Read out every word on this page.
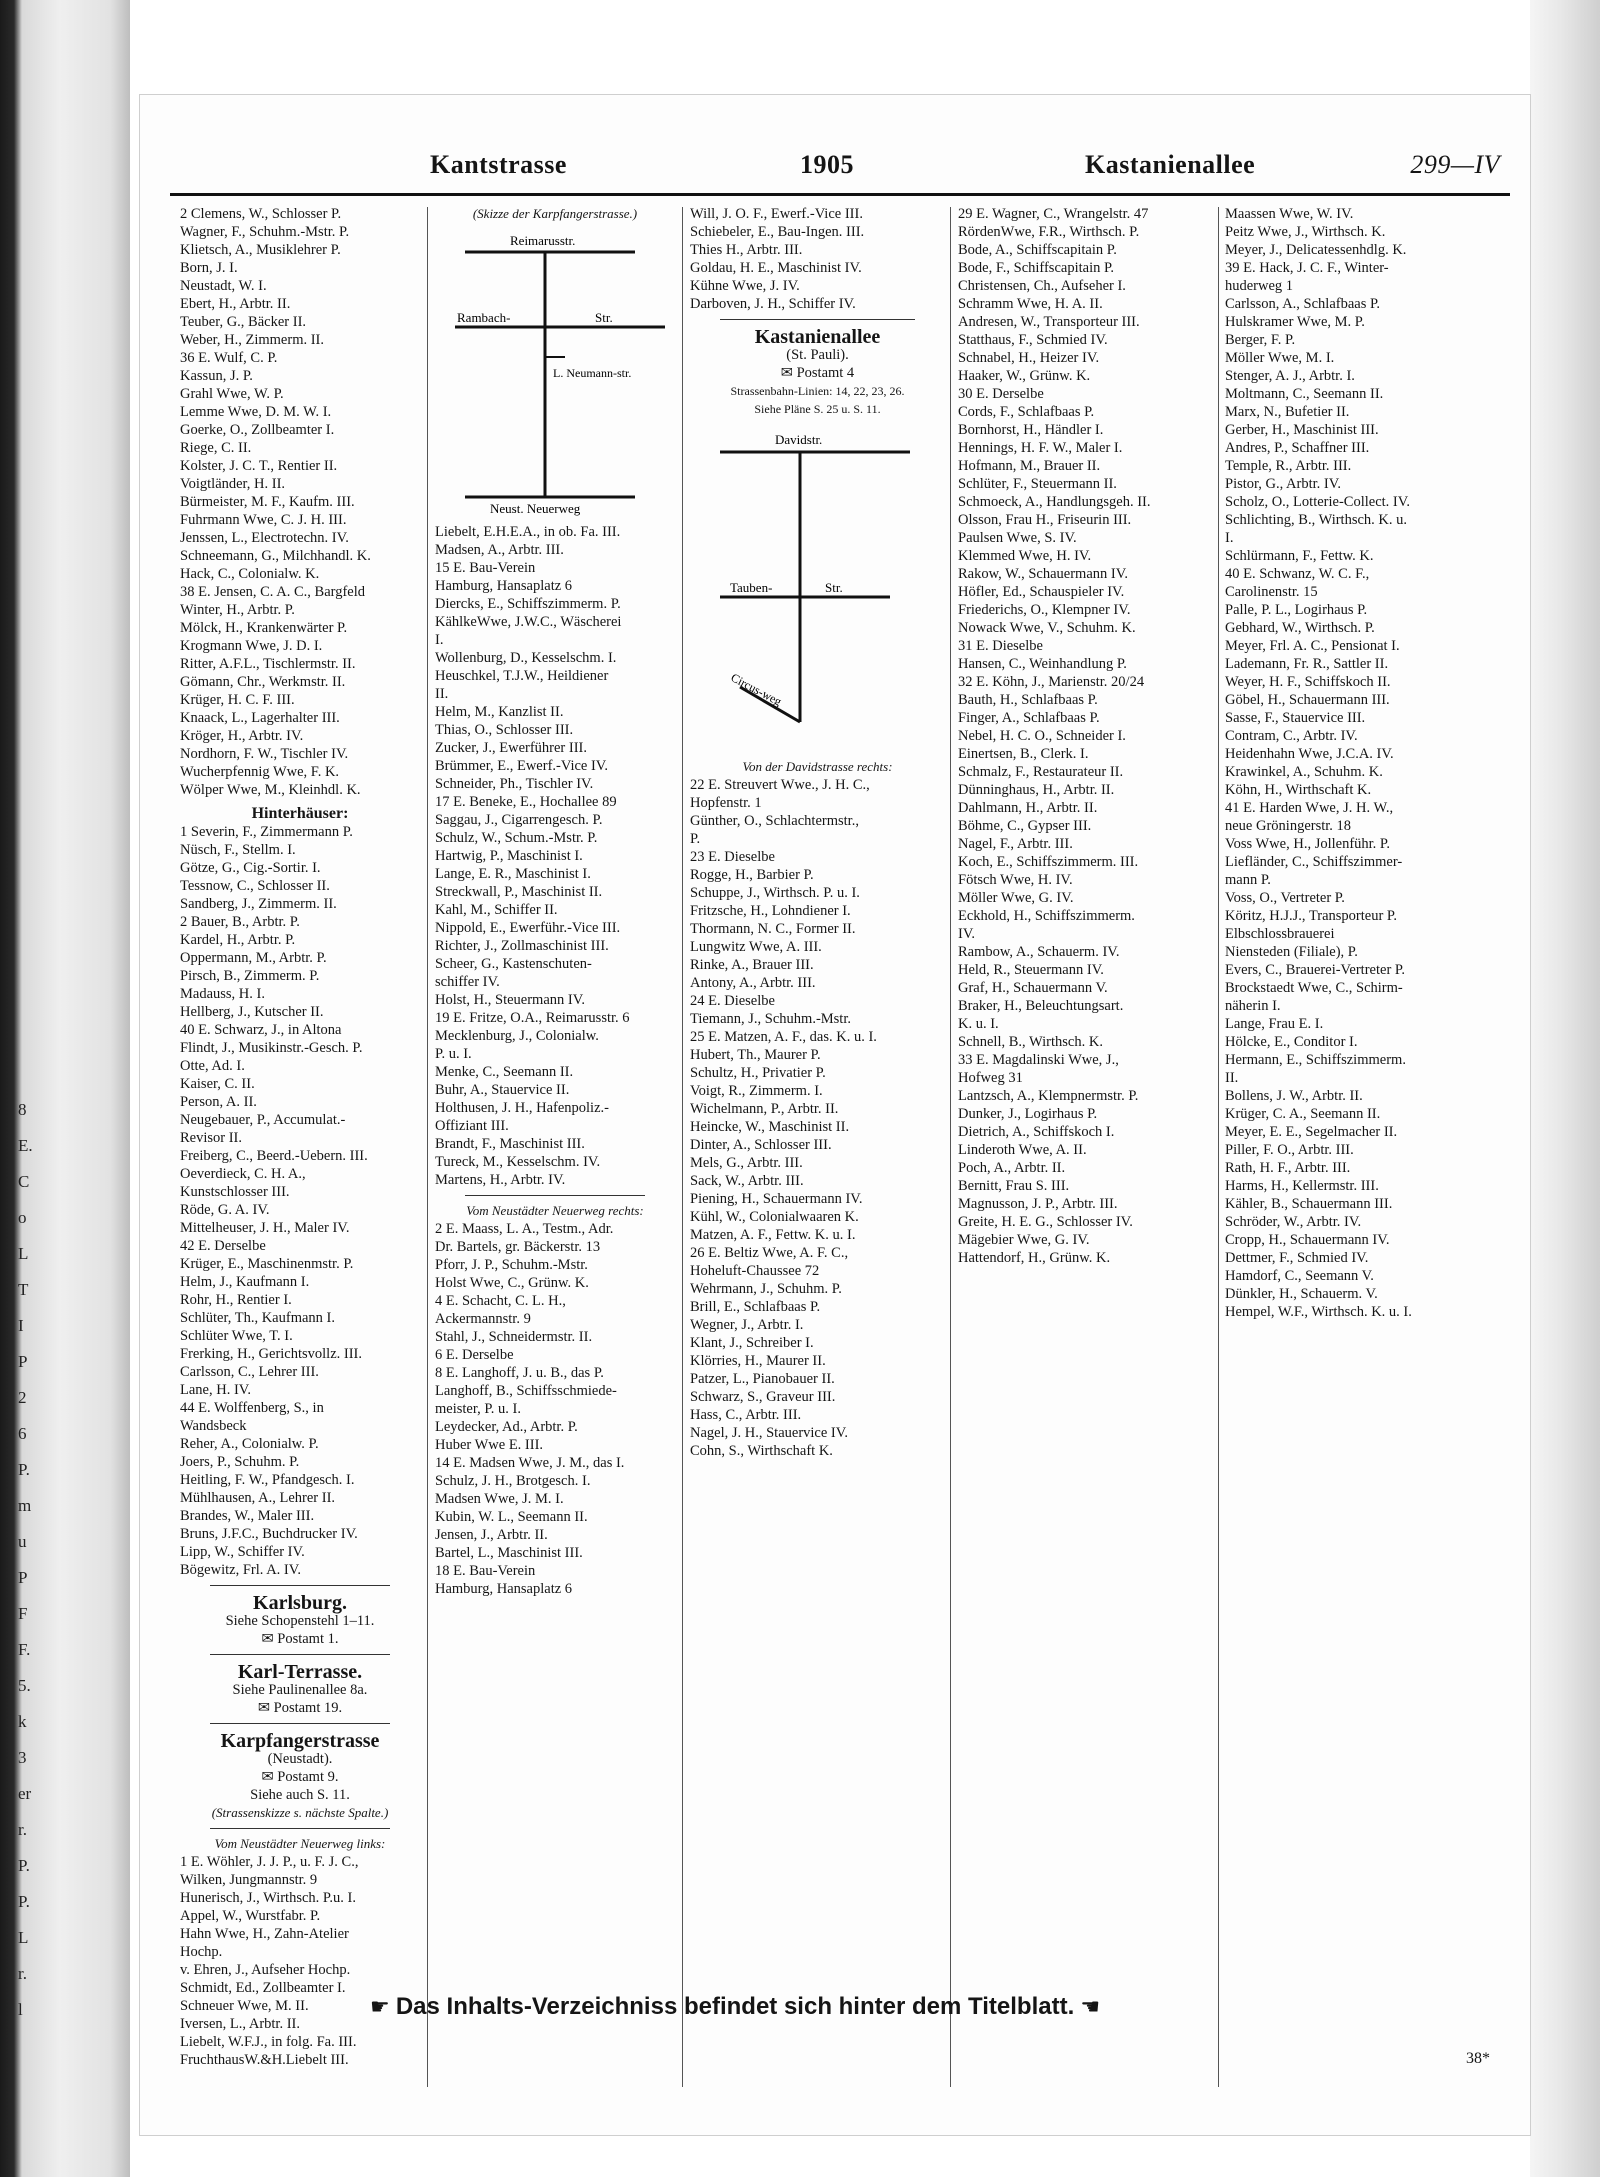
8
E.
C
o
L
T
I
P
2
6
P.
m
u
P
F
F.
5.
k
3
er
r.
P.
P.
L
r.
l
Kantstrasse	1905	Kastanienallee	299—IV
2 Clemens, W., Schlosser P.
Wagner, F., Schuhm.-Mstr. P.
Klietsch, A., Musiklehrer P.
Born, J. I.
Neustadt, W. I.
Ebert, H., Arbtr. II.
Teuber, G., Bäcker II.
Weber, H., Zimmerm. II.
36 E. Wulf, C. P.
Kassun, J. P.
Grahl Wwe, W. P.
Lemme Wwe, D. M. W. I.
Goerke, O., Zollbeamter I.
Riege, C. II.
Kolster, J. C. T., Rentier II.
Voigtländer, H. II.
Bürmeister, M. F., Kaufm. III.
Fuhrmann Wwe, C. J. H. III.
Jenssen, L., Electrotechn. IV.
Schneemann, G., Milchhandl. K.
Hack, C., Colonialw. K.
38 E. Jensen, C. A. C., Bargfeld
Winter, H., Arbtr. P.
Mölck, H., Krankenwärter P.
Krogmann Wwe, J. D. I.
Ritter, A.F.L., Tischlermstr. II.
Gömann, Chr., Werkmstr. II.
Krüger, H. C. F. III.
Knaack, L., Lagerhalter III.
Kröger, H., Arbtr. IV.
Nordhorn, F. W., Tischler IV.
Wucherpfennig Wwe, F. K.
Wölper Wwe, M., Kleinhdl. K.
Hinterhäuser:
1 Severin, F., Zimmermann P.
Nüsch, F., Stellm. I.
Götze, G., Cig.-Sortir. I.
Tessnow, C., Schlosser II.
Sandberg, J., Zimmerm. II.
2 Bauer, B., Arbtr. P.
Kardel, H., Arbtr. P.
Oppermann, M., Arbtr. P.
Pirsch, B., Zimmerm. P.
Madauss, H. I.
Hellberg, J., Kutscher II.
40 E. Schwarz, J., in Altona
Flindt, J., Musikinstr.-Gesch. P.
Otte, Ad. I.
Kaiser, C. II.
Person, A. II.
Neugebauer, P., Accumulat.-
Revisor II.
Freiberg, C., Beerd.-Uebern. III.
Oeverdieck, C. H. A.,
Kunstschlosser III.
Röde, G. A. IV.
Mittelheuser, J. H., Maler IV.
42 E. Derselbe
Krüger, E., Maschinenmstr. P.
Helm, J., Kaufmann I.
Rohr, H., Rentier I.
Schlüter, Th., Kaufmann I.
Schlüter Wwe, T. I.
Frerking, H., Gerichtsvollz. III.
Carlsson, C., Lehrer III.
Lane, H. IV.
44 E. Wolffenberg, S., in
Wandsbeck
Reher, A., Colonialw. P.
Joers, P., Schuhm. P.
Heitling, F. W., Pfandgesch. I.
Mühlhausen, A., Lehrer II.
Brandes, W., Maler III.
Bruns, J.F.C., Buchdrucker IV.
Lipp, W., Schiffer IV.
Bögewitz, Frl. A. IV.
Karlsburg.
Siehe Schopenstehl 1–11.
✉ Postamt 1.
Karl-Terrasse.
Siehe Paulinenallee 8a.
✉ Postamt 19.
Karpfangerstrasse
(Neustadt).
✉ Postamt 9.
Siehe auch S. 11.
(Strassenskizze s. nächste Spalte.)
Vom Neustädter Neuerweg links:
1 E. Wöhler, J. J. P., u. F. J. C.,
Wilken, Jungmannstr. 9
Hunerisch, J., Wirthsch. P.u. I.
Appel, W., Wurstfabr. P.
Hahn Wwe, H., Zahn-Atelier
Hochp.
v. Ehren, J., Aufseher Hochp.
Schmidt, Ed., Zollbeamter I.
Schneuer Wwe, M. II.
Iversen, L., Arbtr. II.
Liebelt, W.F.J., in folg. Fa. III.
FruchthausW.&H.Liebelt III.
(Skizze der Karpfangerstrasse.)
Reimarusstr.
Rambach-	Str.
L. Neumann-str.
Neust. Neuerweg
Liebelt, E.H.E.A., in ob. Fa. III.
Madsen, A., Arbtr. III.
15 E. Bau-Verein
Hamburg, Hansaplatz 6
Diercks, E., Schiffszimmerm. P.
KählkeWwe, J.W.C., Wäscherei
I.
Wollenburg, D., Kesselschm. I.
Heuschkel, T.J.W., Heildiener
II.
Helm, M., Kanzlist II.
Thias, O., Schlosser III.
Zucker, J., Ewerführer III.
Brümmer, E., Ewerf.-Vice IV.
Schneider, Ph., Tischler IV.
17 E. Beneke, E., Hochallee 89
Saggau, J., Cigarrengesch. P.
Schulz, W., Schum.-Mstr. P.
Hartwig, P., Maschinist I.
Lange, E. R., Maschinist I.
Streckwall, P., Maschinist II.
Kahl, M., Schiffer II.
Nippold, E., Ewerführ.-Vice III.
Richter, J., Zollmaschinist III.
Scheer, G., Kastenschuten-
schiffer IV.
Holst, H., Steuermann IV.
19 E. Fritze, O.A., Reimarusstr. 6
Mecklenburg, J., Colonialw.
P. u. I.
Menke, C., Seemann II.
Buhr, A., Stauervice II.
Holthusen, J. H., Hafenpoliz.-
Offiziant III.
Brandt, F., Maschinist III.
Tureck, M., Kesselschm. IV.
Martens, H., Arbtr. IV.
Vom Neustädter Neuerweg rechts:
2 E. Maass, L. A., Testm., Adr.
Dr. Bartels, gr. Bäckerstr. 13
Pforr, J. P., Schuhm.-Mstr.
Holst Wwe, C., Grünw. K.
4 E. Schacht, C. L. H.,
Ackermannstr. 9
Stahl, J., Schneidermstr. II.
6 E. Derselbe
8 E. Langhoff, J. u. B., das P.
Langhoff, B., Schiffsschmiede-
meister, P. u. I.
Leydecker, Ad., Arbtr. P.
Huber Wwe E. III.
14 E. Madsen Wwe, J. M., das I.
Schulz, J. H., Brotgesch. I.
Madsen Wwe, J. M. I.
Kubin, W. L., Seemann II.
Jensen, J., Arbtr. II.
Bartel, L., Maschinist III.
18 E. Bau-Verein
Hamburg, Hansaplatz 6
Will, J. O. F., Ewerf.-Vice III.
Schiebeler, E., Bau-Ingen. III.
Thies H., Arbtr. III.
Goldau, H. E., Maschinist IV.
Kühne Wwe, J. IV.
Darboven, J. H., Schiffer IV.
Kastanienallee
(St. Pauli).
✉ Postamt 4
Strassenbahn-Linien: 14, 22, 23, 26.
Siehe Pläne S. 25 u. S. 11.
Davidstr.
Tauben-	Str.
Circus-weg
Von der Davidstrasse rechts:
22 E. Streuvert Wwe., J. H. C.,
Hopfenstr. 1
Günther, O., Schlachtermstr.,
P.
23 E. Dieselbe
Rogge, H., Barbier P.
Schuppe, J., Wirthsch. P. u. I.
Fritzsche, H., Lohndiener I.
Thormann, N. C., Former II.
Lungwitz Wwe, A. III.
Rinke, A., Brauer III.
Antony, A., Arbtr. III.
24 E. Dieselbe
Tiemann, J., Schuhm.-Mstr.
25 E. Matzen, A. F., das. K. u. I.
Hubert, Th., Maurer P.
Schultz, H., Privatier P.
Voigt, R., Zimmerm. I.
Wichelmann, P., Arbtr. II.
Heincke, W., Maschinist II.
Dinter, A., Schlosser III.
Mels, G., Arbtr. III.
Sack, W., Arbtr. III.
Piening, H., Schauermann IV.
Kühl, W., Colonialwaaren K.
Matzen, A. F., Fettw. K. u. I.
26 E. Beltiz Wwe, A. F. C.,
Hoheluft-Chaussee 72
Wehrmann, J., Schuhm. P.
Brill, E., Schlafbaas P.
Wegner, J., Arbtr. I.
Klant, J., Schreiber I.
Klörries, H., Maurer II.
Patzer, L., Pianobauer II.
Schwarz, S., Graveur III.
Hass, C., Arbtr. III.
Nagel, J. H., Stauervice IV.
Cohn, S., Wirthschaft K.
29 E. Wagner, C., Wrangelstr. 47
RördenWwe, F.R., Wirthsch. P.
Bode, A., Schiffscapitain P.
Bode, F., Schiffscapitain P.
Christensen, Ch., Aufseher I.
Schramm Wwe, H. A. II.
Andresen, W., Transporteur III.
Statthaus, F., Schmied IV.
Schnabel, H., Heizer IV.
Haaker, W., Grünw. K.
30 E. Derselbe
Cords, F., Schlafbaas P.
Bornhorst, H., Händler I.
Hennings, H. F. W., Maler I.
Hofmann, M., Brauer II.
Schlüter, F., Steuermann II.
Schmoeck, A., Handlungsgeh. II.
Olsson, Frau H., Friseurin III.
Paulsen Wwe, S. IV.
Klemmed Wwe, H. IV.
Rakow, W., Schauermann IV.
Höfler, Ed., Schauspieler IV.
Friederichs, O., Klempner IV.
Nowack Wwe, V., Schuhm. K.
31 E. Dieselbe
Hansen, C., Weinhandlung P.
32 E. Köhn, J., Marienstr. 20/24
Bauth, H., Schlafbaas P.
Finger, A., Schlafbaas P.
Nebel, H. C. O., Schneider I.
Einertsen, B., Clerk. I.
Schmalz, F., Restaurateur II.
Dünninghaus, H., Arbtr. II.
Dahlmann, H., Arbtr. II.
Böhme, C., Gypser III.
Nagel, F., Arbtr. III.
Koch, E., Schiffszimmerm. III.
Fötsch Wwe, H. IV.
Möller Wwe, G. IV.
Eckhold, H., Schiffszimmerm.
IV.
Rambow, A., Schauerm. IV.
Held, R., Steuermann IV.
Graf, H., Schauermann V.
Braker, H., Beleuchtungsart.
K. u. I.
Schnell, B., Wirthsch. K.
33 E. Magdalinski Wwe, J.,
Hofweg 31
Lantzsch, A., Klempnermstr. P.
Dunker, J., Logirhaus P.
Dietrich, A., Schiffskoch I.
Linderoth Wwe, A. II.
Poch, A., Arbtr. II.
Bernitt, Frau S. III.
Magnusson, J. P., Arbtr. III.
Greite, H. E. G., Schlosser IV.
Mägebier Wwe, G. IV.
Hattendorf, H., Grünw. K.
Maassen Wwe, W. IV.
Peitz Wwe, J., Wirthsch. K.
Meyer, J., Delicatessenhdlg. K.
39 E. Hack, J. C. F., Winter-
huderweg 1
Carlsson, A., Schlafbaas P.
Hulskramer Wwe, M. P.
Berger, F. P.
Möller Wwe, M. I.
Stenger, A. J., Arbtr. I.
Moltmann, C., Seemann II.
Marx, N., Bufetier II.
Gerber, H., Maschinist III.
Andres, P., Schaffner III.
Temple, R., Arbtr. III.
Pistor, G., Arbtr. IV.
Scholz, O., Lotterie-Collect. IV.
Schlichting, B., Wirthsch. K. u.
I.
Schlürmann, F., Fettw. K.
40 E. Schwanz, W. C. F.,
Carolinenstr. 15
Palle, P. L., Logirhaus P.
Gebhard, W., Wirthsch. P.
Meyer, Frl. A. C., Pensionat I.
Lademann, Fr. R., Sattler II.
Weyer, H. F., Schiffskoch II.
Göbel, H., Schauermann III.
Sasse, F., Stauervice III.
Contram, C., Arbtr. IV.
Heidenhahn Wwe, J.C.A. IV.
Krawinkel, A., Schuhm. K.
Köhn, H., Wirthschaft K.
41 E. Harden Wwe, J. H. W.,
neue Gröningerstr. 18
Voss Wwe, H., Jollenführ. P.
Liefländer, C., Schiffszimmer-
mann P.
Voss, O., Vertreter P.
Köritz, H.J.J., Transporteur P.
Elbschlossbrauerei
Niensteden (Filiale), P.
Evers, C., Brauerei-Vertreter P.
Brockstaedt Wwe, C., Schirm-
näherin I.
Lange, Frau E. I.
Hölcke, E., Conditor I.
Hermann, E., Schiffszimmerm.
II.
Bollens, J. W., Arbtr. II.
Krüger, C. A., Seemann II.
Meyer, E. E., Segelmacher II.
Piller, F. O., Arbtr. III.
Rath, H. F., Arbtr. III.
Harms, H., Kellermstr. III.
Kähler, B., Schauermann III.
Schröder, W., Arbtr. IV.
Cropp, H., Schauermann IV.
Dettmer, F., Schmied IV.
Hamdorf, C., Seemann V.
Dünkler, H., Schauerm. V.
Hempel, W.F., Wirthsch. K. u. I.
☛ Das Inhalts-Verzeichniss befindet sich hinter dem Titelblatt. ☚
38*
